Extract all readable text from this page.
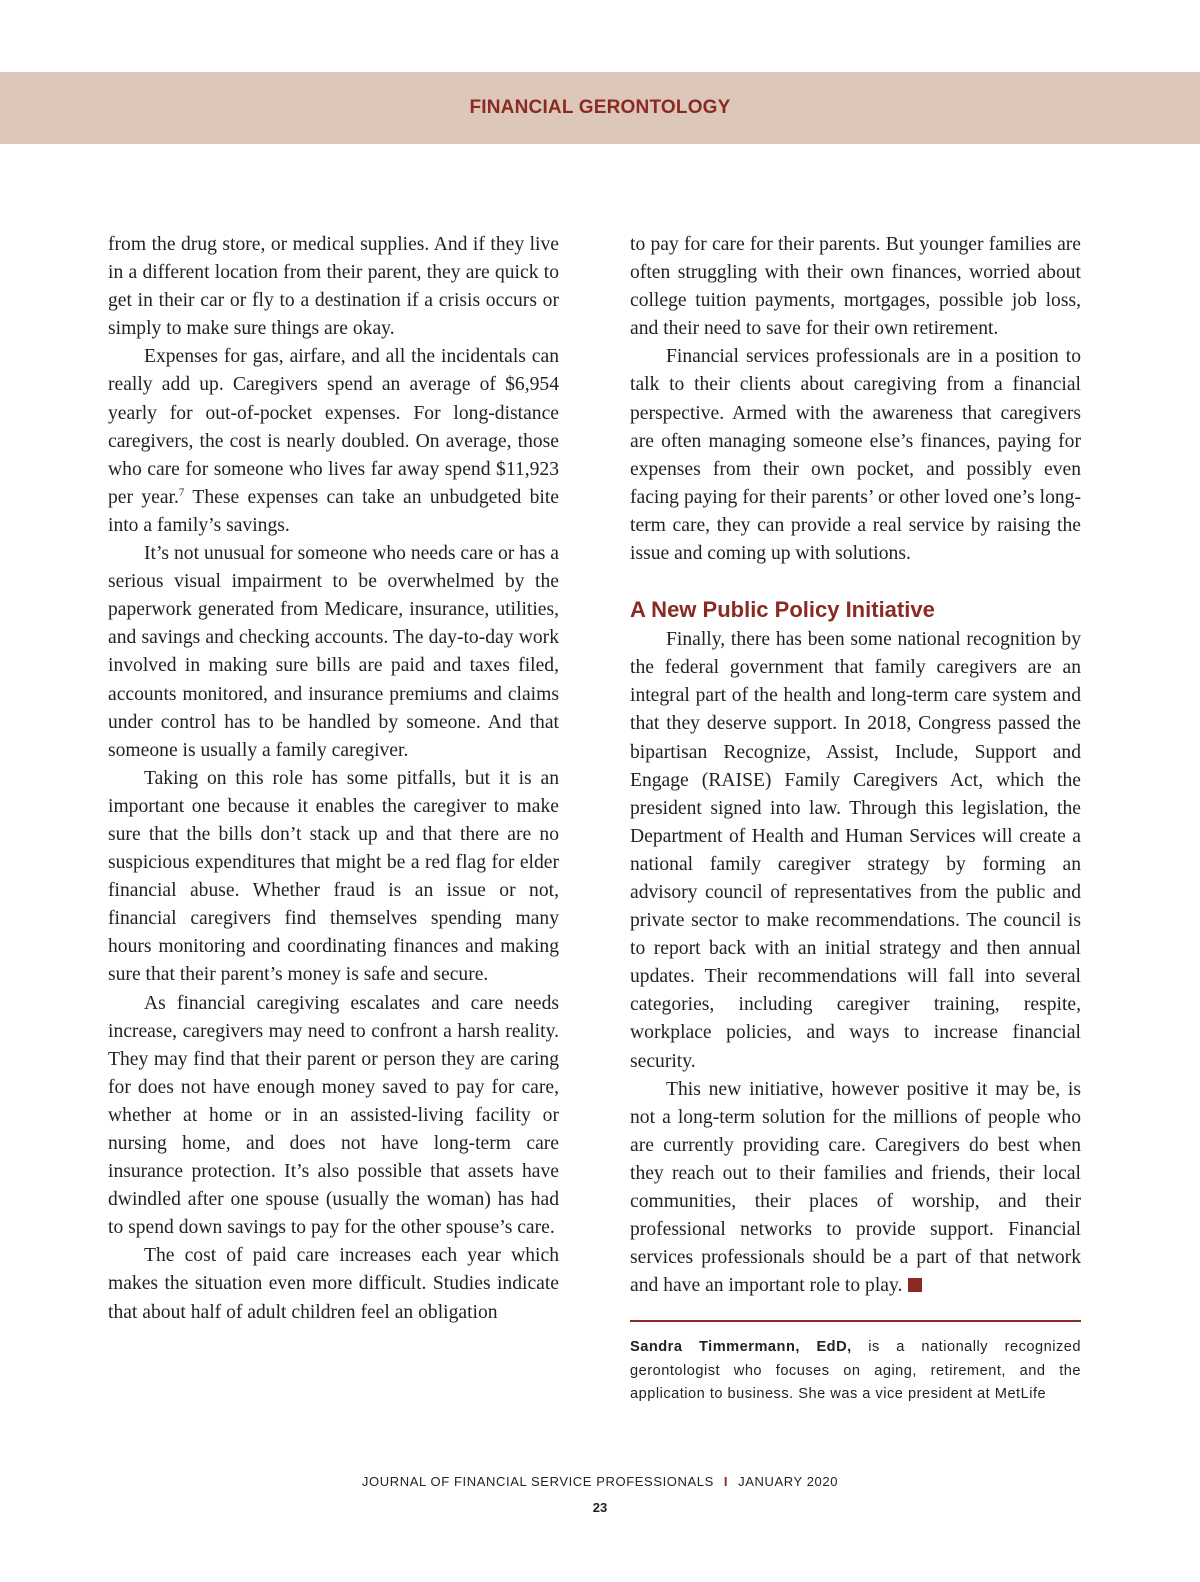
FINANCIAL GERONTOLOGY

from the drug store, or medical supplies. And if they live in a different location from their parent, they are quick to get in their car or fly to a destination if a crisis occurs or simply to make sure things are okay.

Expenses for gas, airfare, and all the incidentals can really add up. Caregivers spend an average of $6,954 yearly for out-of-pocket expenses. For long-distance caregivers, the cost is nearly doubled. On average, those who care for someone who lives far away spend $11,923 per year.$^7$ These expenses can take an unbudgeted bite into a family’s savings.

It’s not unusual for someone who needs care or has a serious visual impairment to be overwhelmed by the paperwork generated from Medicare, insurance, utilities, and savings and checking accounts. The day-to-day work involved in making sure bills are paid and taxes filed, accounts monitored, and insurance premiums and claims under control has to be handled by someone. And that someone is usually a family caregiver.

Taking on this role has some pitfalls, but it is an important one because it enables the caregiver to make sure that the bills don’t stack up and that there are no suspicious expenditures that might be a red flag for elder financial abuse. Whether fraud is an issue or not, financial caregivers find themselves spending many hours monitoring and coordinating finances and making sure that their parent’s money is safe and secure.

As financial caregiving escalates and care needs increase, caregivers may need to confront a harsh reality. They may find that their parent or person they are caring for does not have enough money saved to pay for care, whether at home or in an assisted-living facility or nursing home, and does not have long-term care insurance protection. It’s also possible that assets have dwindled after one spouse (usually the woman) has had to spend down savings to pay for the other spouse’s care.

The cost of paid care increases each year which makes the situation even more difficult. Studies indicate that about half of adult children feel an obligation

to pay for care for their parents. But younger families are often struggling with their own finances, worried about college tuition payments, mortgages, possible job loss, and their need to save for their own retirement.

Financial services professionals are in a position to talk to their clients about caregiving from a financial perspective. Armed with the awareness that caregivers are often managing someone else’s finances, paying for expenses from their own pocket, and possibly even facing paying for their parents’ or other loved one’s long-term care, they can provide a real service by raising the issue and coming up with solutions.

A New Public Policy Initiative

Finally, there has been some national recognition by the federal government that family caregivers are an integral part of the health and long-term care system and that they deserve support. In 2018, Congress passed the bipartisan Recognize, Assist, Include, Support and Engage (RAISE) Family Caregivers Act, which the president signed into law. Through this legislation, the Department of Health and Human Services will create a national family caregiver strategy by forming an advisory council of representatives from the public and private sector to make recommendations. The council is to report back with an initial strategy and then annual updates. Their recommendations will fall into several categories, including caregiver training, respite, workplace policies, and ways to increase financial security.

This new initiative, however positive it may be, is not a long-term solution for the millions of people who are currently providing care. Caregivers do best when they reach out to their families and friends, their local communities, their places of worship, and their professional networks to provide support. Financial services professionals should be a part of that network and have an important role to play.

Sandra Timmermann, EdD, is a nationally recognized gerontologist who focuses on aging, retirement, and the application to business. She was a vice president at MetLife
JOURNAL OF FINANCIAL SERVICE PROFESSIONALS I JANUARY 2020
23
